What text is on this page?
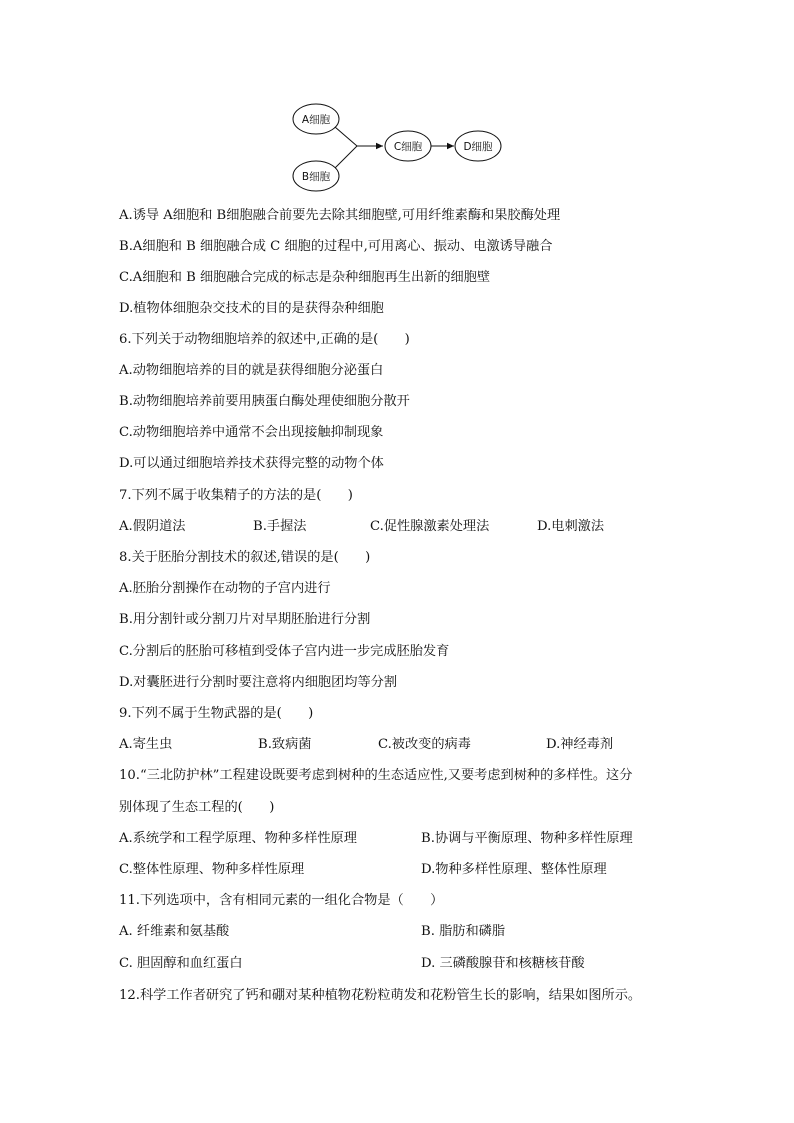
A细胞
B细胞
C细胞	D细胞
A.诱导 A细胞和 B细胞融合前要先去除其细胞壁,可用纤维素酶和果胶酶处理
B.A细胞和 B 细胞融合成 C 细胞的过程中,可用离心、振动、电激诱导融合
C.A细胞和 B 细胞融合完成的标志是杂种细胞再生出新的细胞壁
D.植物体细胞杂交技术的目的是获得杂种细胞
6.下列关于动物细胞培养的叙述中,正确的是(　　)
A.动物细胞培养的目的就是获得细胞分泌蛋白
B.动物细胞培养前要用胰蛋白酶处理使细胞分散开
C.动物细胞培养中通常不会出现接触抑制现象
D.可以通过细胞培养技术获得完整的动物个体
7.下列不属于收集精子的方法的是(　　)
A.假阴道法	B.手握法	C.促性腺激素处理法	D.电刺激法
8.关于胚胎分割技术的叙述,错误的是(　　)
A.胚胎分割操作在动物的子宫内进行
B.用分割针或分割刀片对早期胚胎进行分割
C.分割后的胚胎可移植到受体子宫内进一步完成胚胎发育
D.对囊胚进行分割时要注意将内细胞团均等分割
9.下列不属于生物武器的是(　　)
A.寄生虫	B.致病菌	C.被改变的病毒	D.神经毒剂
10.“三北防护林”工程建设既要考虑到树种的生态适应性,又要考虑到树种的多样性。这分
别体现了生态工程的(　　)
A.系统学和工程学原理、物种多样性原理	B.协调与平衡原理、物种多样性原理
C.整体性原理、物种多样性原理	D.物种多样性原理、整体性原理
11.下列选项中，含有相同元素的一组化合物是（　　）
A. 纤维素和氨基酸	B. 脂肪和磷脂
C. 胆固醇和血红蛋白	D. 三磷酸腺苷和核糖核苷酸
12.科学工作者研究了钙和硼对某种植物花粉粒萌发和花粉管生长的影响，结果如图所示。
